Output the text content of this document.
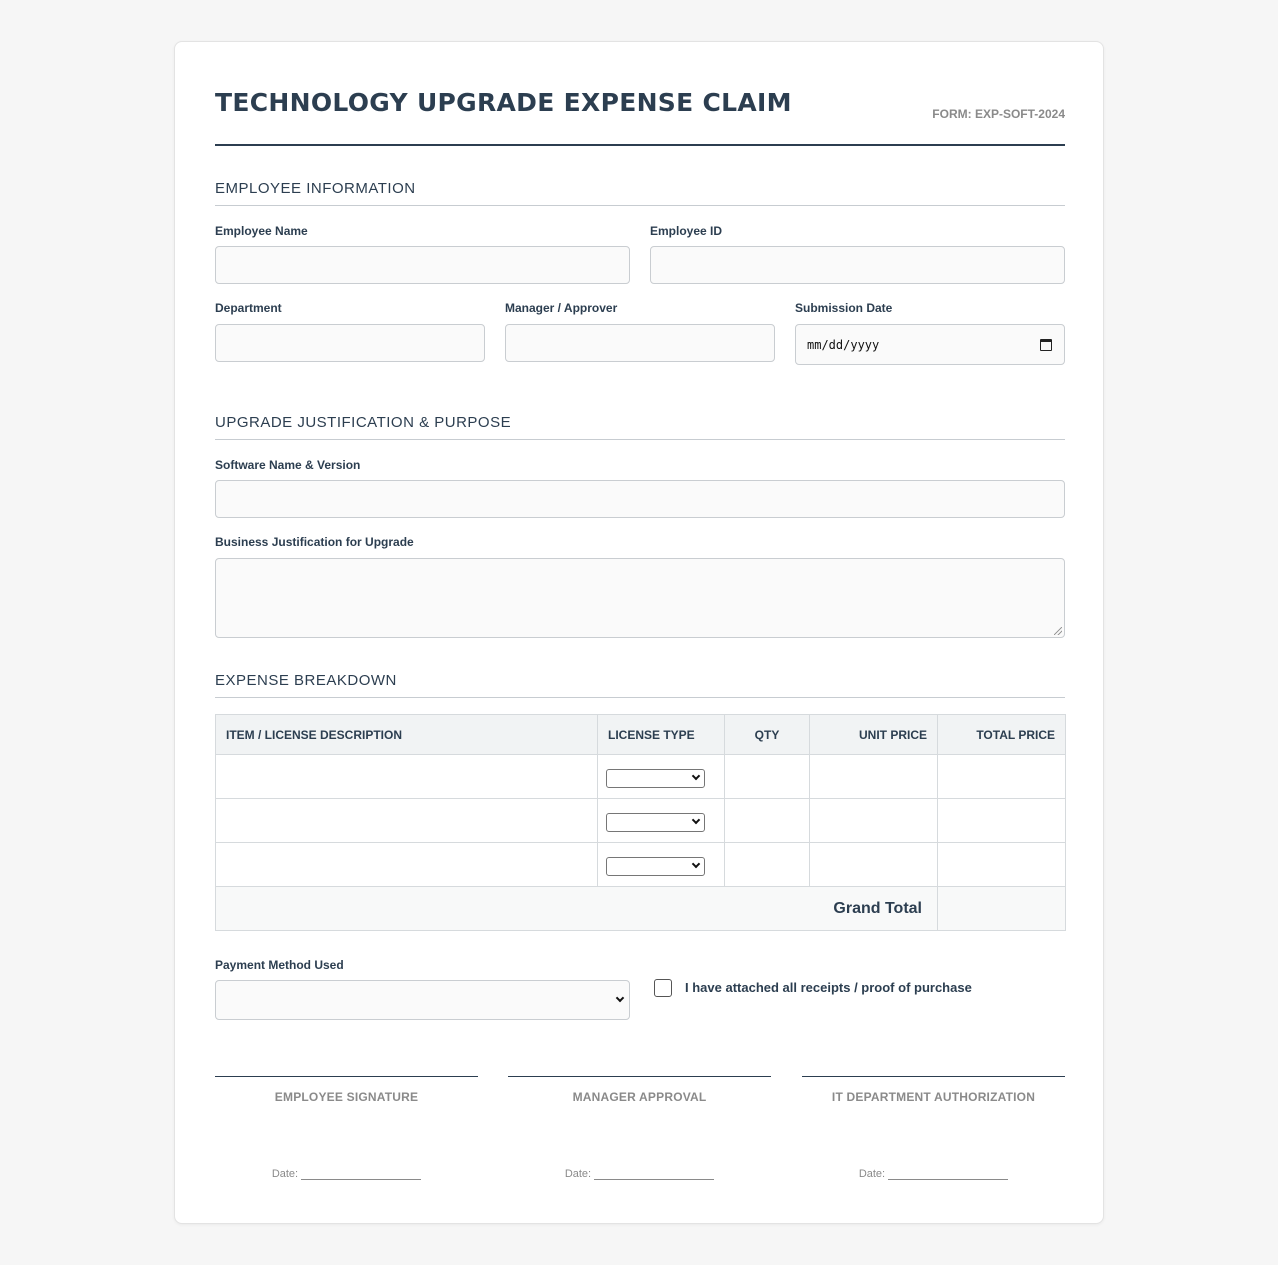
TECHNOLOGY UPGRADE EXPENSE CLAIM	FORM: EXP-SOFT-2024
EMPLOYEE INFORMATION
Employee Name	Employee ID
Department	Manager / Approver	Submission Date
mm/dd/yyyy
UPGRADE JUSTIFICATION & PURPOSE
Software Name & Version
Business Justification for Upgrade
EXPENSE BREAKDOWN
ITEM / LICENSE DESCRIPTION	LICENSE TYPE	QTY	UNIT PRICE	TOTAL PRICE

Grand Total				
Payment Method Used
I have attached all receipts / proof of purchase
EMPLOYEE SIGNATURE
Date:
MANAGER APPROVAL
Date:
IT DEPARTMENT AUTHORIZATION
Date:
